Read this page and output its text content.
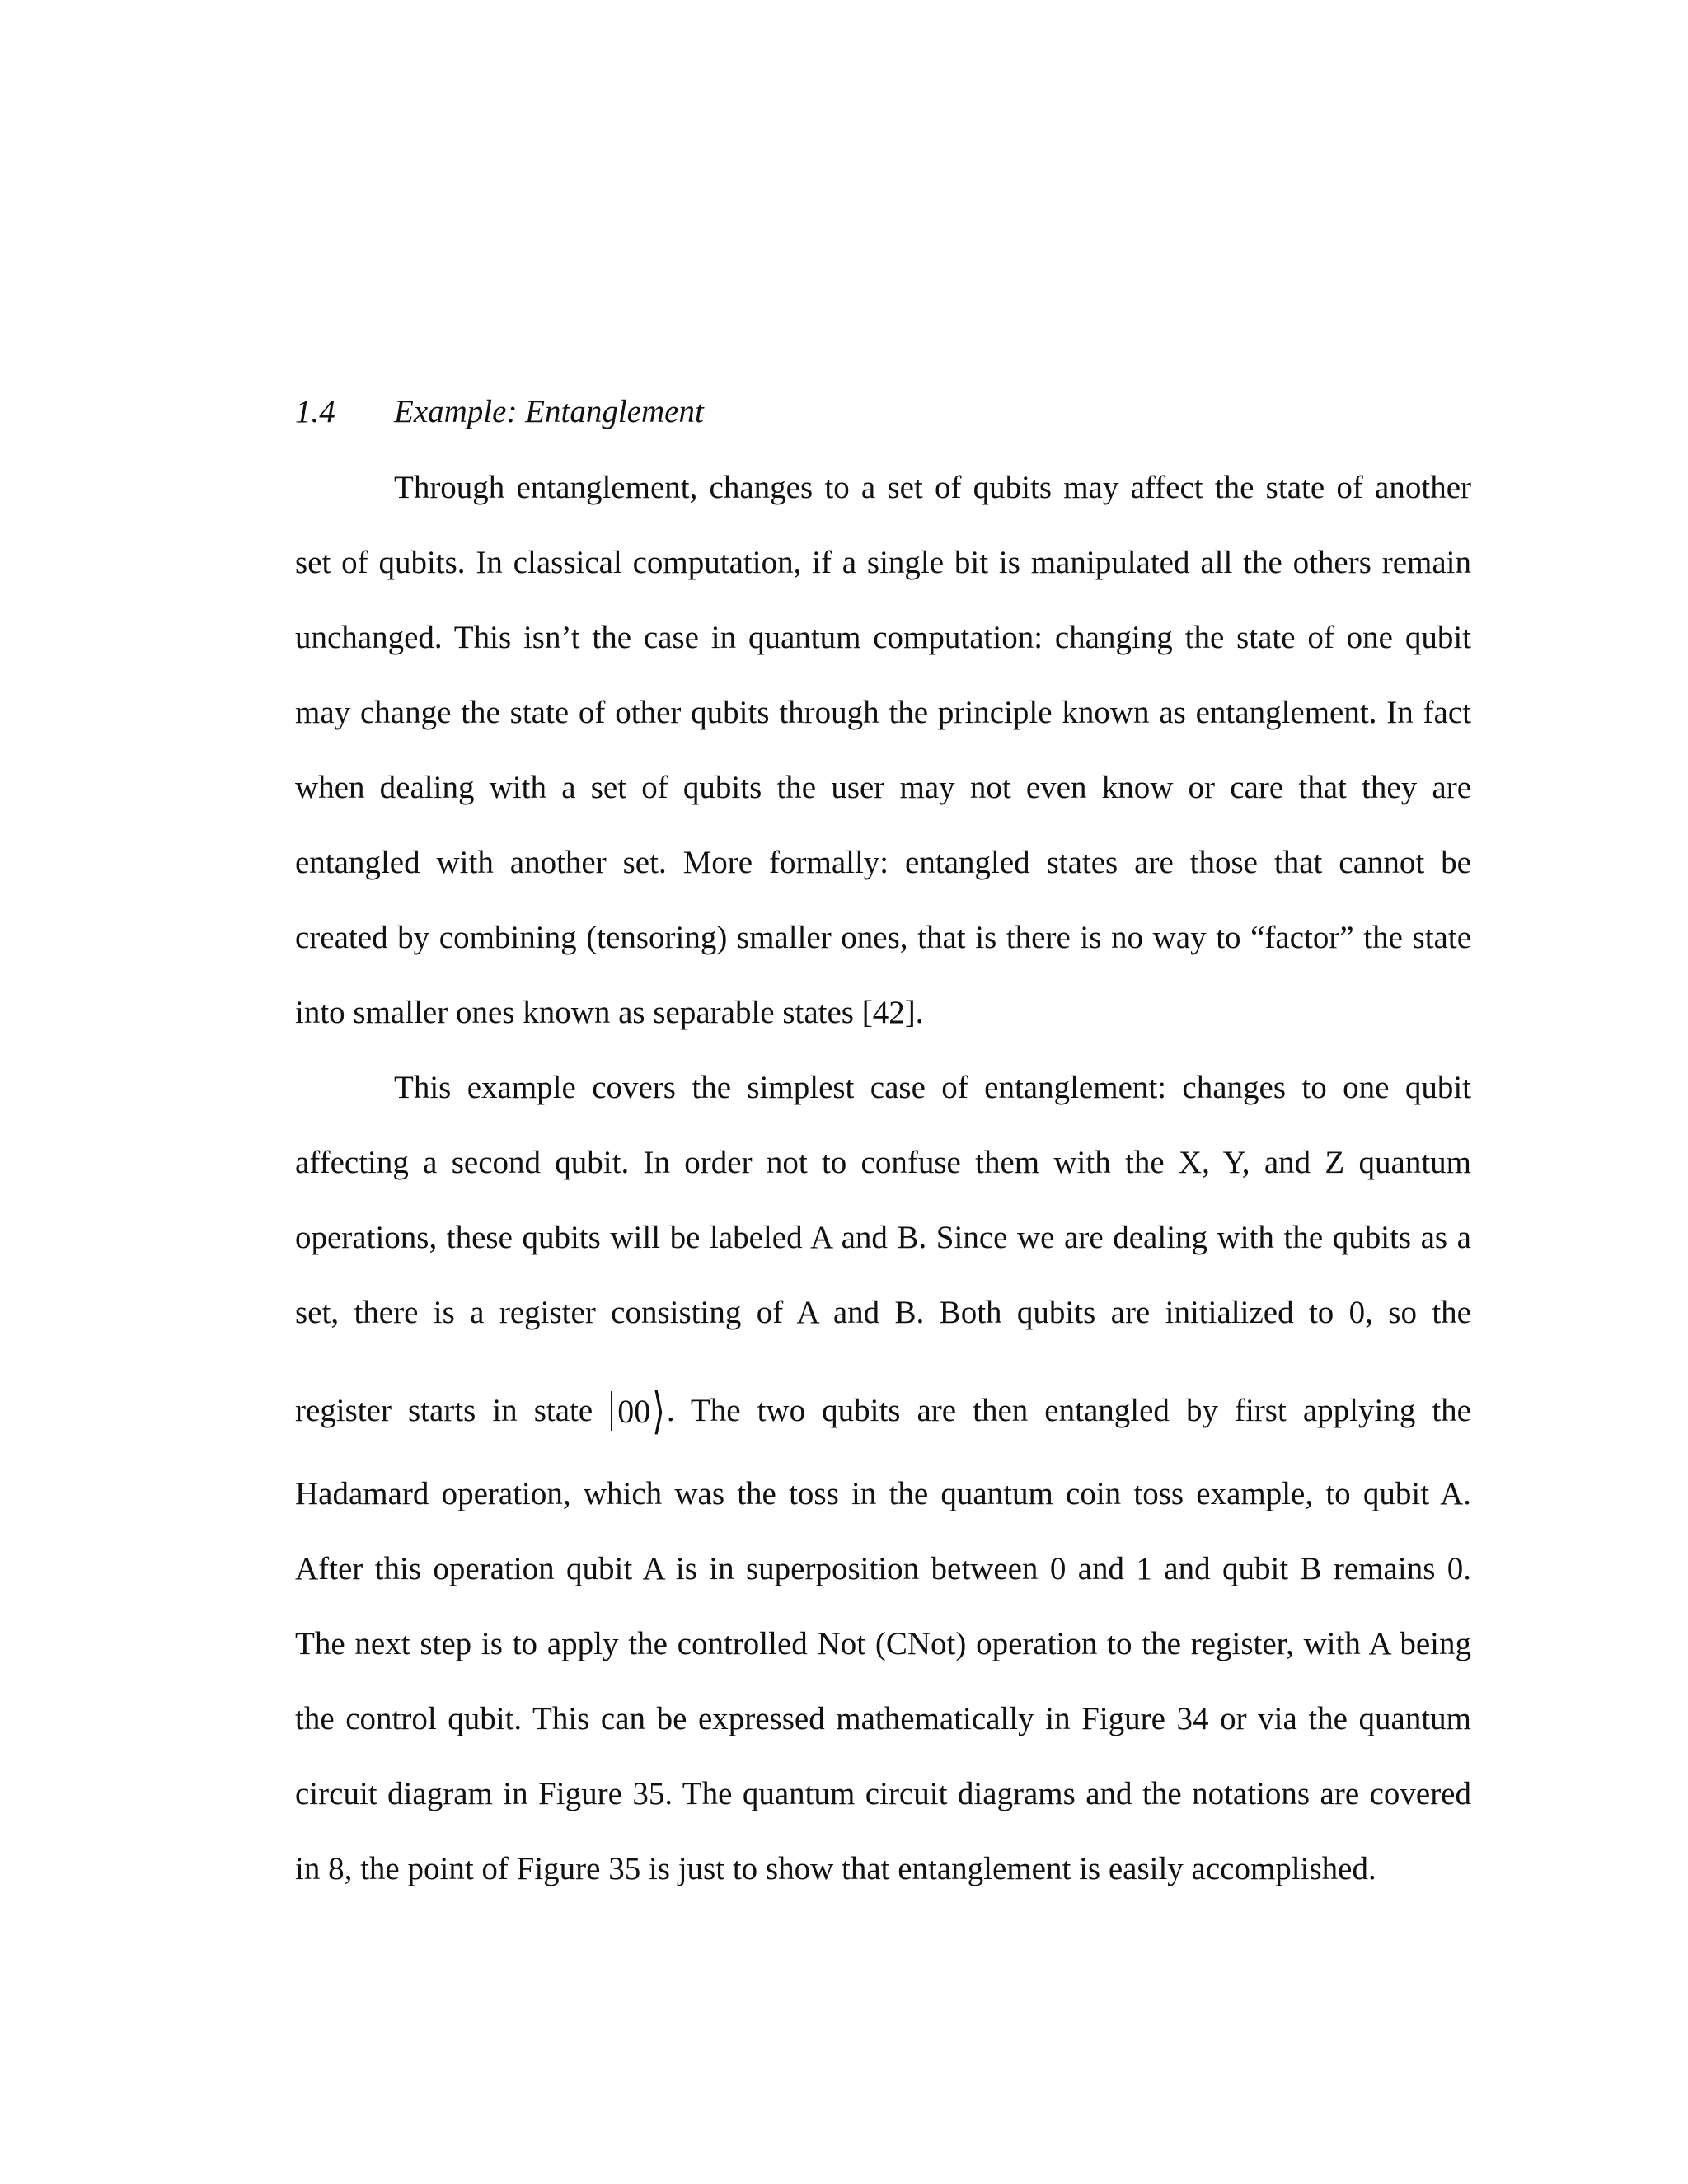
1.4 Example: Entanglement
Through entanglement, changes to a set of qubits may affect the state of another
set of qubits. In classical computation, if a single bit is manipulated all the others remain
unchanged. This isn’t the case in quantum computation: changing the state of one qubit
may change the state of other qubits through the principle known as entanglement. In fact
when dealing with a set of qubits the user may not even know or care that they are
entangled with another set. More formally: entangled states are those that cannot be
created by combining (tensoring) smaller ones, that is there is no way to “factor” the state
into smaller ones known as separable states [42].
This example covers the simplest case of entanglement: changes to one qubit
affecting a second qubit. In order not to confuse them with the X, Y, and Z quantum
operations, these qubits will be labeled A and B. Since we are dealing with the qubits as a
set, there is a register consisting of A and B. Both qubits are initialized to 0, so the
register starts in state 00⟩. The two qubits are then entangled by first applying the
Hadamard operation, which was the toss in the quantum coin toss example, to qubit A.
After this operation qubit A is in superposition between 0 and 1 and qubit B remains 0.
The next step is to apply the controlled Not (CNot) operation to the register, with A being
the control qubit. This can be expressed mathematically in Figure 34 or via the quantum
circuit diagram in Figure 35. The quantum circuit diagrams and the notations are covered
in 8, the point of Figure 35 is just to show that entanglement is easily accomplished.
